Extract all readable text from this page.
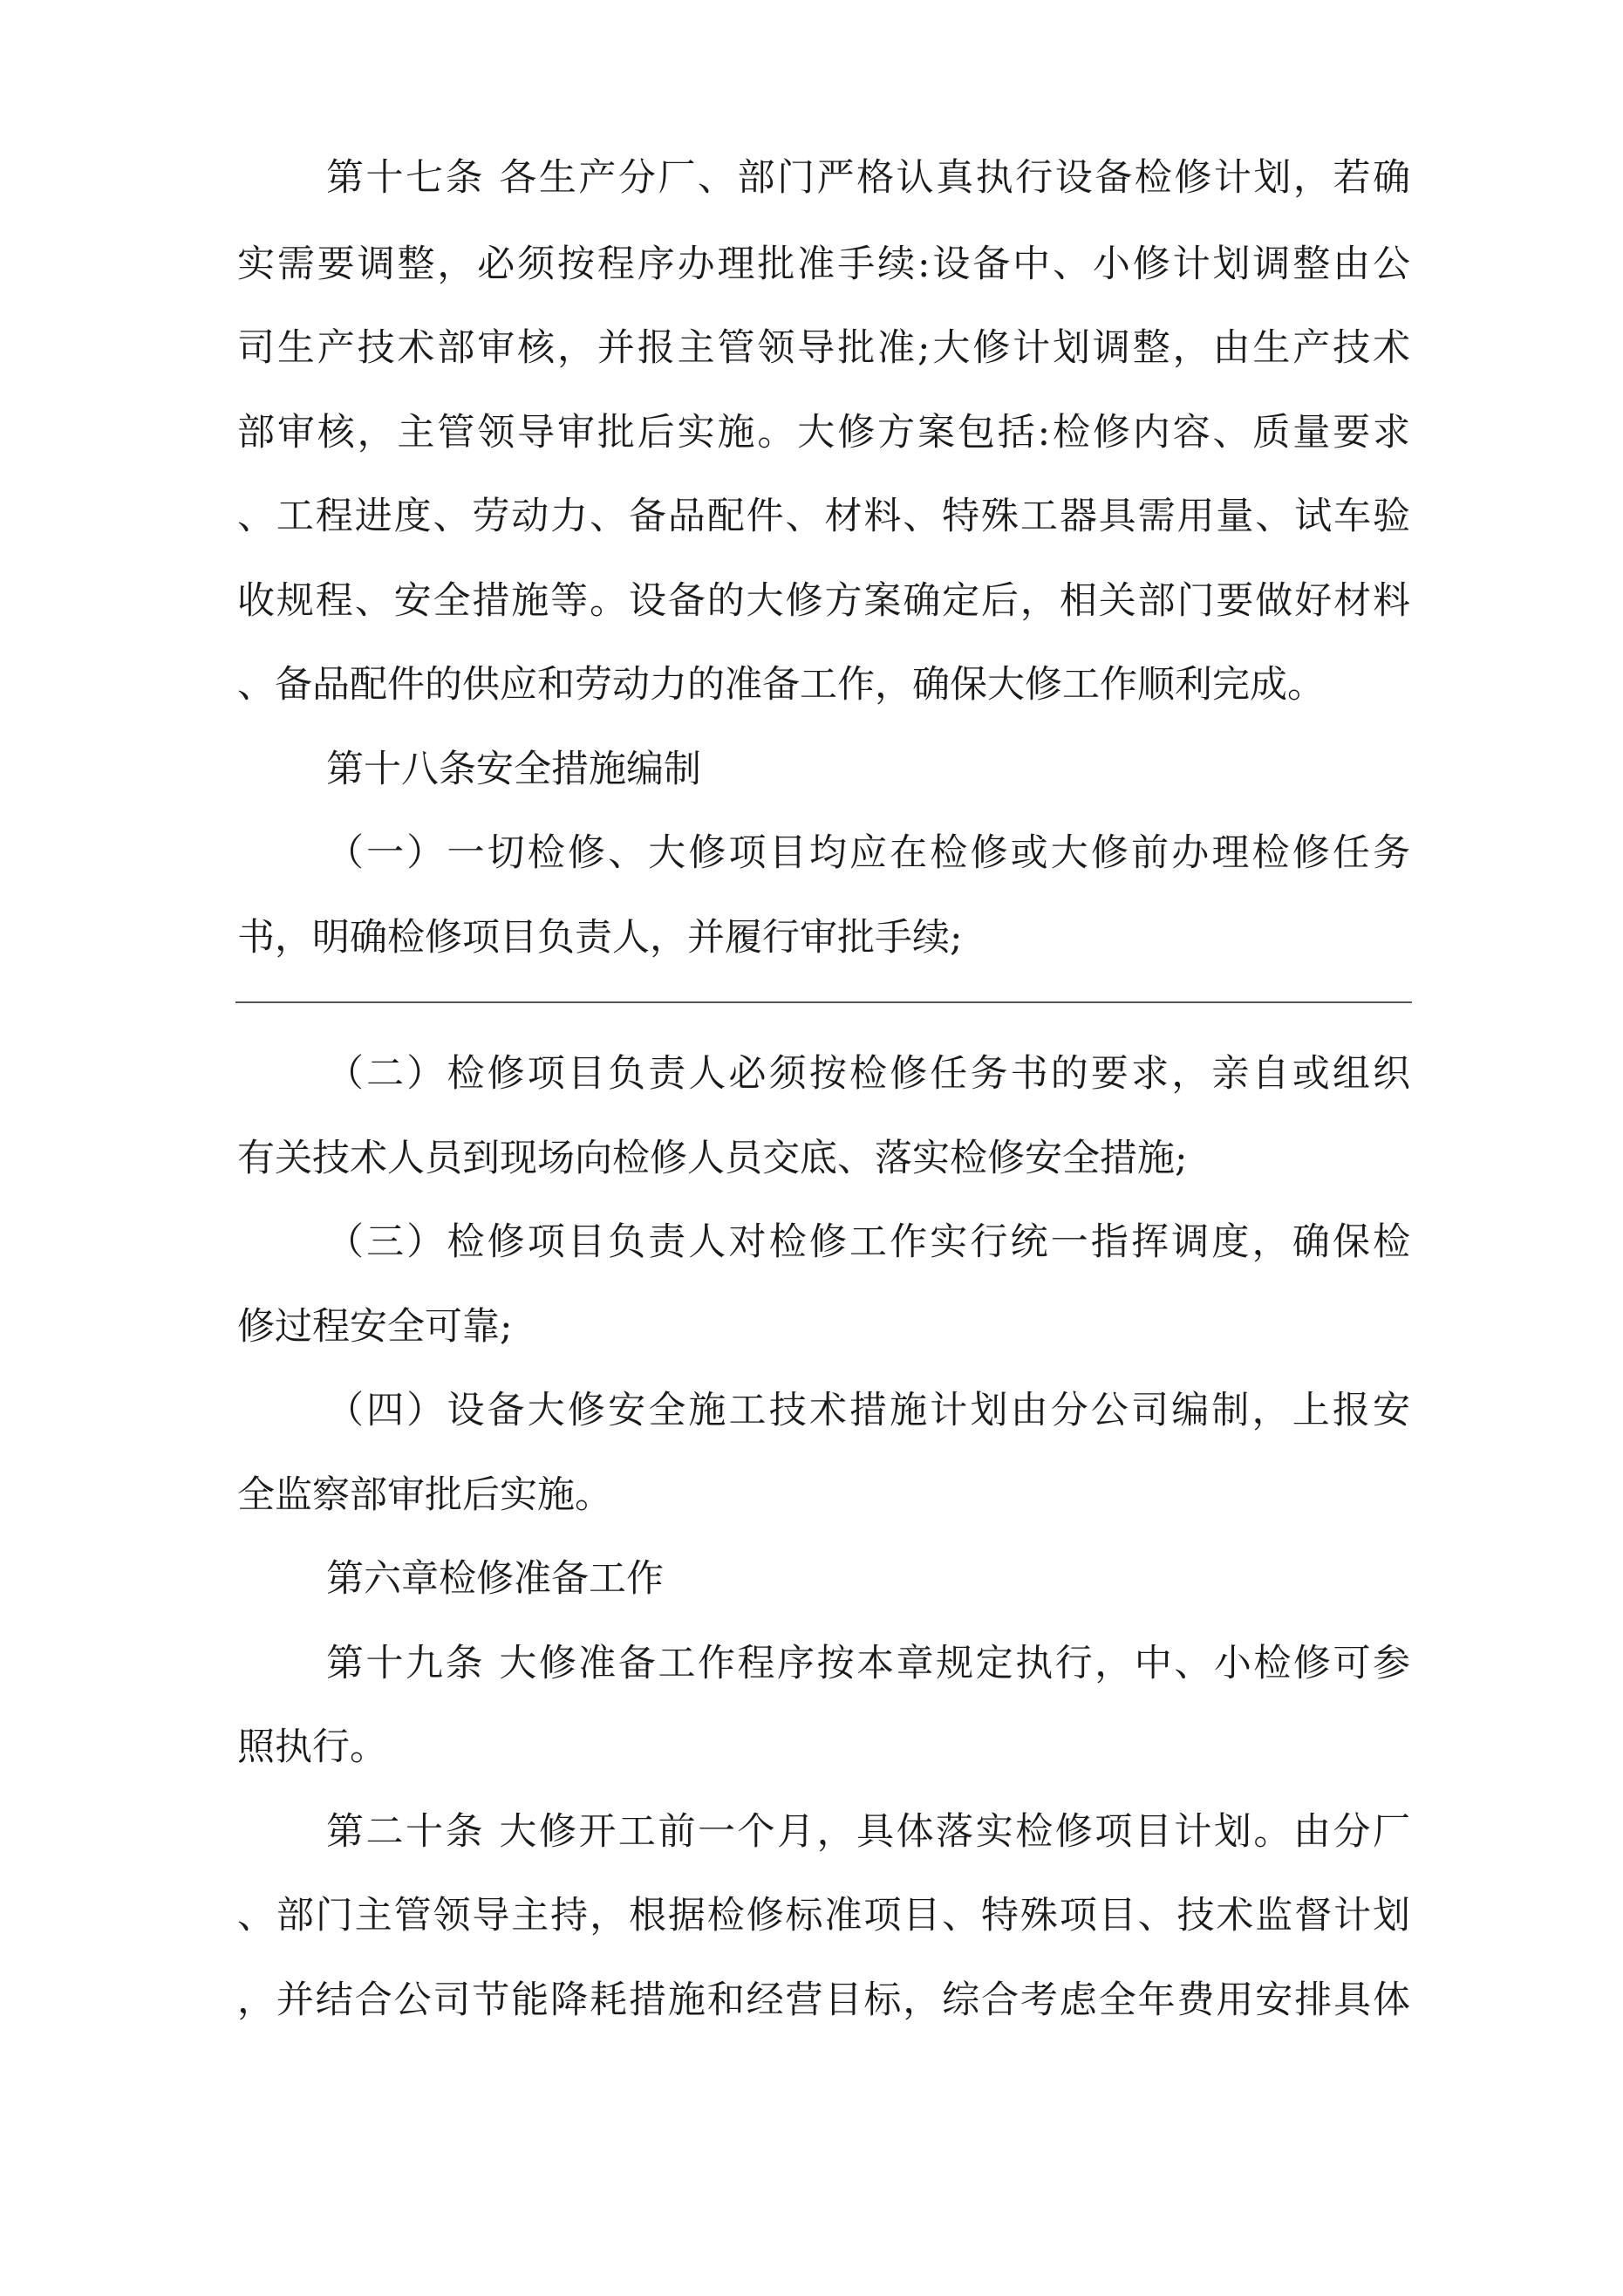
第十七条 各生产分厂、部门严格认真执行设备检修计划，若确
实需要调整，必须按程序办理批准手续:设备中、小修计划调整由公
司生产技术部审核，并报主管领导批准;大修计划调整，由生产技术
部审核，主管领导审批后实施。大修方案包括:检修内容、质量要求
、工程进度、劳动力、备品配件、材料、特殊工器具需用量、试车验
收规程、安全措施等。设备的大修方案确定后，相关部门要做好材料
、备品配件的供应和劳动力的准备工作，确保大修工作顺利完成。
第十八条安全措施编制
（一）一切检修、大修项目均应在检修或大修前办理检修任务
书，明确检修项目负责人，并履行审批手续;
（二）检修项目负责人必须按检修任务书的要求，亲自或组织
有关技术人员到现场向检修人员交底、落实检修安全措施;
（三）检修项目负责人对检修工作实行统一指挥调度，确保检
修过程安全可靠;
（四）设备大修安全施工技术措施计划由分公司编制，上报安
全监察部审批后实施。
第六章检修准备工作
第十九条 大修准备工作程序按本章规定执行，中、小检修可参
照执行。
第二十条 大修开工前一个月，具体落实检修项目计划。由分厂
、部门主管领导主持，根据检修标准项目、特殊项目、技术监督计划
，并结合公司节能降耗措施和经营目标，综合考虑全年费用安排具体
